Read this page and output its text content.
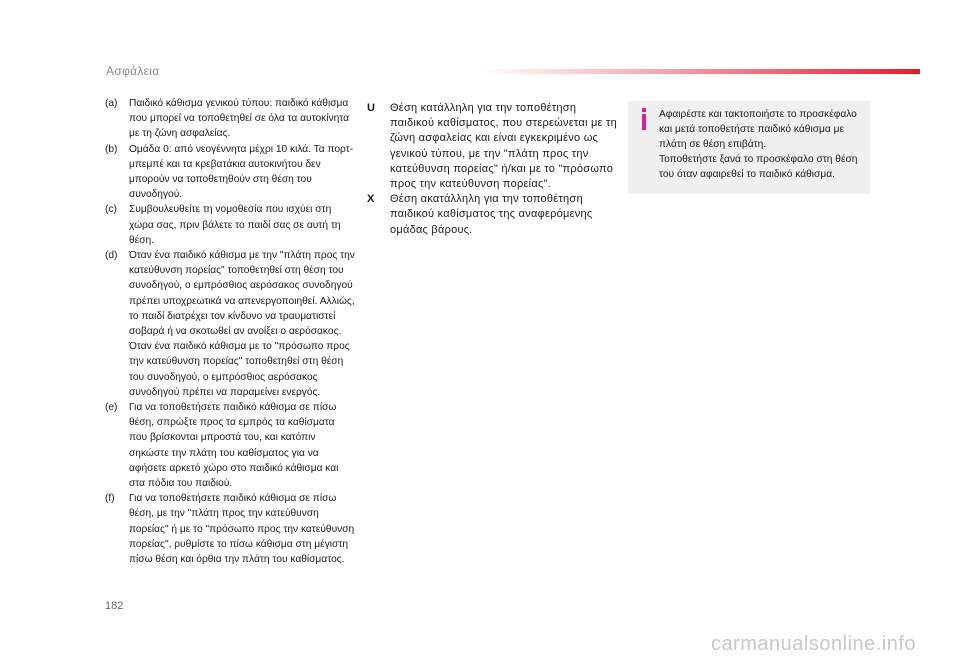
Ασφάλεια
(a)	Παιδικό κάθισμα γενικού τύπου: παιδικό κάθισμα που μπορεί να τοποθετηθεί σε όλα τα αυτοκίνητα με τη ζώνη ασφαλείας.

(b)	Ομάδα 0: από νεογέννητα μέχρι 10 κιλά. Τα πορτ-μπεμπέ και τα κρεβατάκια αυτοκινήτου δεν μπορούν να τοποθετηθούν στη θέση του συνοδηγού.

(c)	Συμβουλευθείτε τη νομοθεσία που ισχύει στη χώρα σας, πριν βάλετε το παιδί σας σε αυτή τη θέση.

(d)	Όταν ένα παιδικό κάθισμα με την "πλάτη προς την κατεύθυνση πορείας" τοποθετηθεί στη θέση του συνοδηγού, ο εμπρόσθιος αερόσακος συνοδηγού πρέπει υποχρεωτικά να απενεργοποιηθεί. Αλλιώς, το παιδί διατρέχει τον κίνδυνο να τραυματιστεί σοβαρά ή να σκοτωθεί αν ανοίξει ο αερόσακος.

Όταν ένα παιδικό κάθισμα με το "πρόσωπο προς την κατεύθυνση πορείας" τοποθετηθεί στη θέση του συνοδηγού, ο εμπρόσθιος αερόσακος συνοδηγού πρέπει να παραμείνει ενεργός.

(e)	Για να τοποθετήσετε παιδικό κάθισμα σε πίσω θέση, σπρώξτε προς τα εμπρός τα καθίσματα που βρίσκονται μπροστά του, και κατόπιν σηκώστε την πλάτη του καθίσματος για να αφήσετε αρκετό χώρο στο παιδικό κάθισμα και στα πόδια του παιδιού.

(f)	Για να τοποθετήσετε παιδικό κάθισμα σε πίσω θέση, με την "πλάτη προς την κατεύθυνση πορείας" ή με το "πρόσωπο προς την κατεύθυνση πορείας", ρυθμίστε το πίσω κάθισμα στη μέγιστη πίσω θέση και όρθια την πλάτη του καθίσματος.

U	Θέση κατάλληλη για την τοποθέτηση παιδικού καθίσματος, που στερεώνεται με τη ζώνη ασφαλείας και είναι εγκεκριμένο ως γενικού τύπου, με την "πλάτη προς την κατεύθυνση πορείας" ή/και με το "πρόσωπο προς την κατεύθυνση πορείας".
X	Θέση ακατάλληλη για την τοποθέτηση παιδικού καθίσματος της αναφερόμενης ομάδας βάρους.

Αφαιρέστε και τακτοποιήστε το προσκέφαλο και μετά τοποθετήστε παιδικό κάθισμα με πλάτη σε θέση επιβάτη.

Τοποθετήστε ξανά το προσκέφαλο στη θέση του όταν αφαιρεθεί το παιδικό κάθισμα.

182
carmanualsonline.info
